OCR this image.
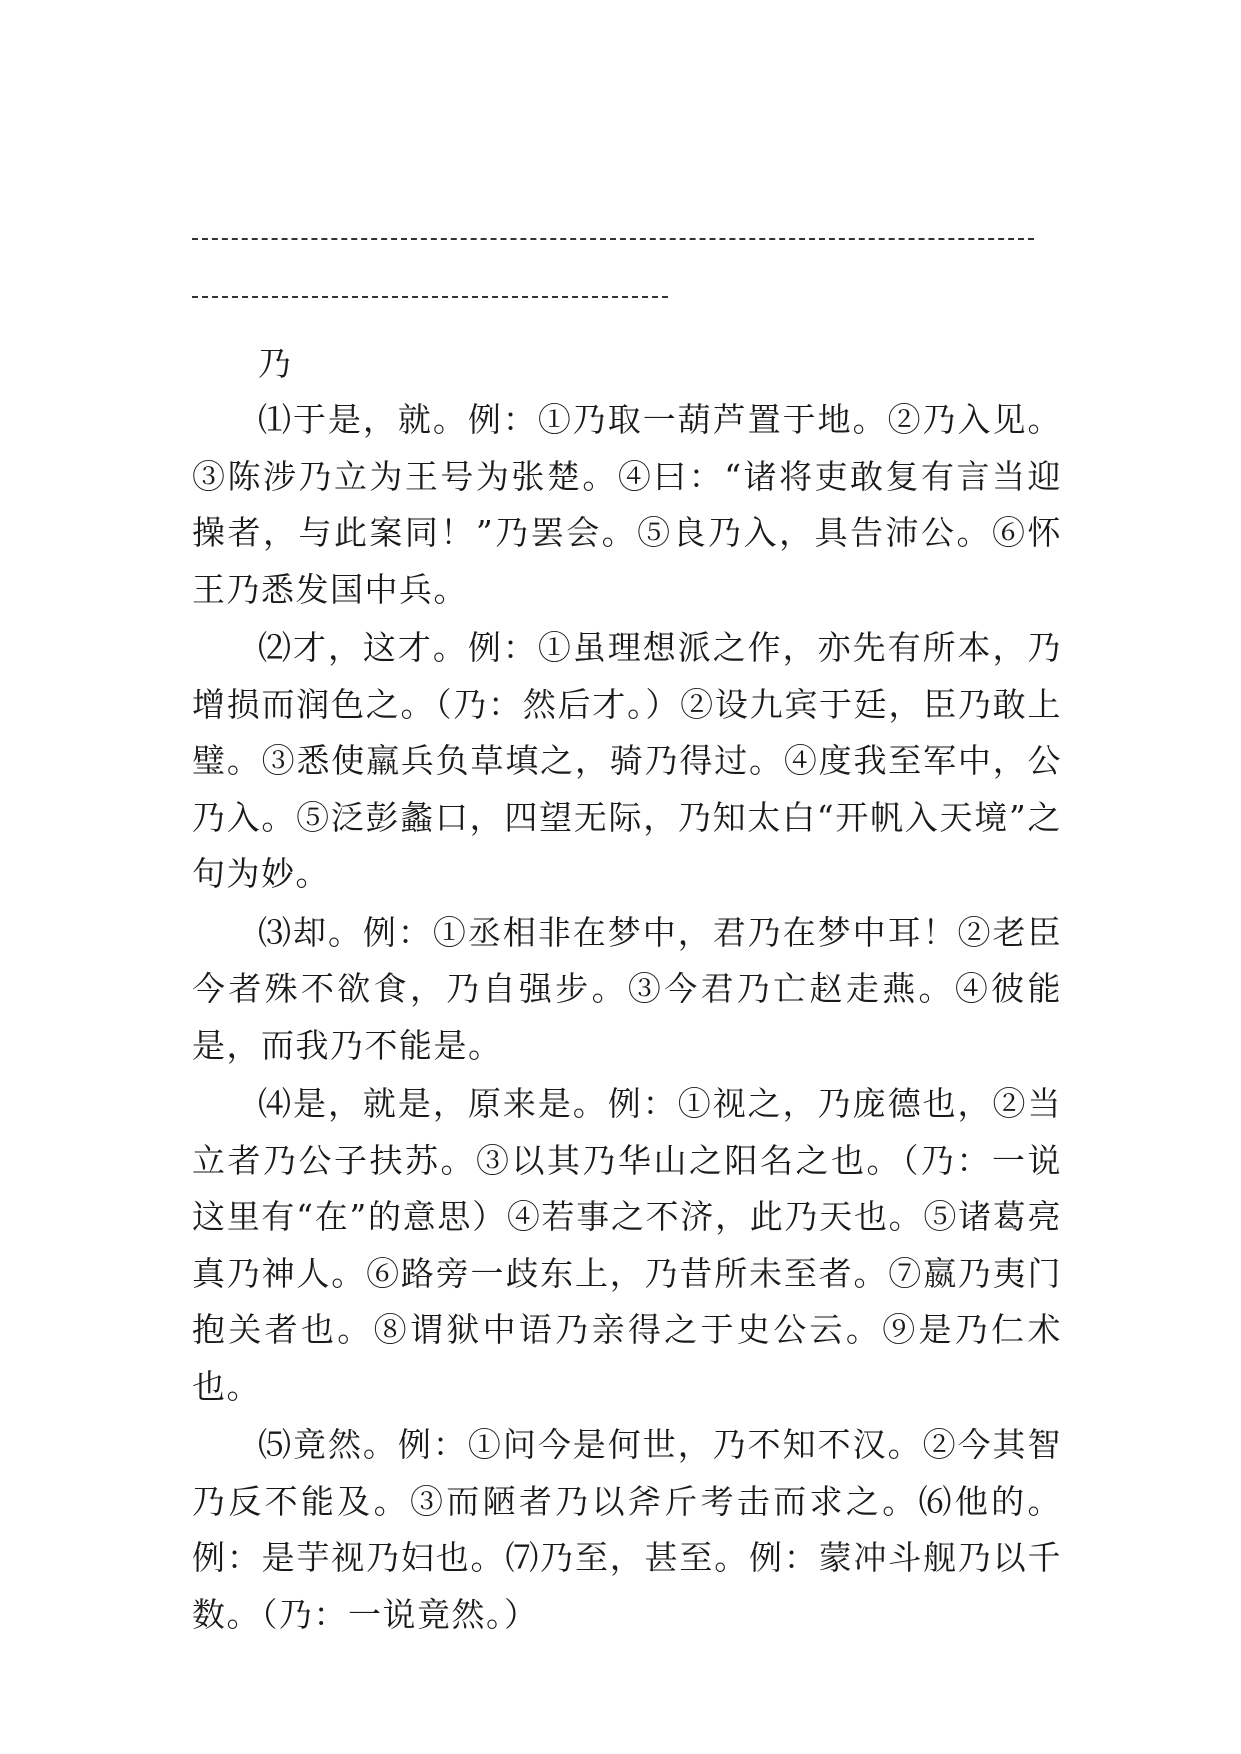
乃

⑴于是，就。例：①乃取一葫芦置于地。②乃入见。③陈涉乃立为王号为张楚。④曰：“诸将吏敢复有言当迎操者，与此案同！”乃罢会。⑤良乃入，具告沛公。⑥怀王乃悉发国中兵。

⑵才，这才。例：①虽理想派之作，亦先有所本，乃增损而润色之。（乃：然后才。）②设九宾于廷，臣乃敢上璧。③悉使羸兵负草填之，骑乃得过。④度我至军中，公乃入。⑤泛彭蠡口，四望无际，乃知太白“开帆入天境”之句为妙。

⑶却。例：①丞相非在梦中，君乃在梦中耳！②老臣今者殊不欲食，乃自强步。③今君乃亡赵走燕。④彼能是，而我乃不能是。

⑷是，就是，原来是。例：①视之，乃庞德也，②当立者乃公子扶苏。③以其乃华山之阳名之也。（乃：一说这里有“在”的意思）④若事之不济，此乃天也。⑤诸葛亮真乃神人。⑥路旁一歧东上，乃昔所未至者。⑦嬴乃夷门抱关者也。⑧谓狱中语乃亲得之于史公云。⑨是乃仁术也。

⑸竟然。例：①问今是何世，乃不知不汉。②今其智乃反不能及。③而陋者乃以斧斤考击而求之。⑹他的。例：是芋视乃妇也。⑺乃至，甚至。例：蒙冲斗舰乃以千数。（乃：一说竟然。）
